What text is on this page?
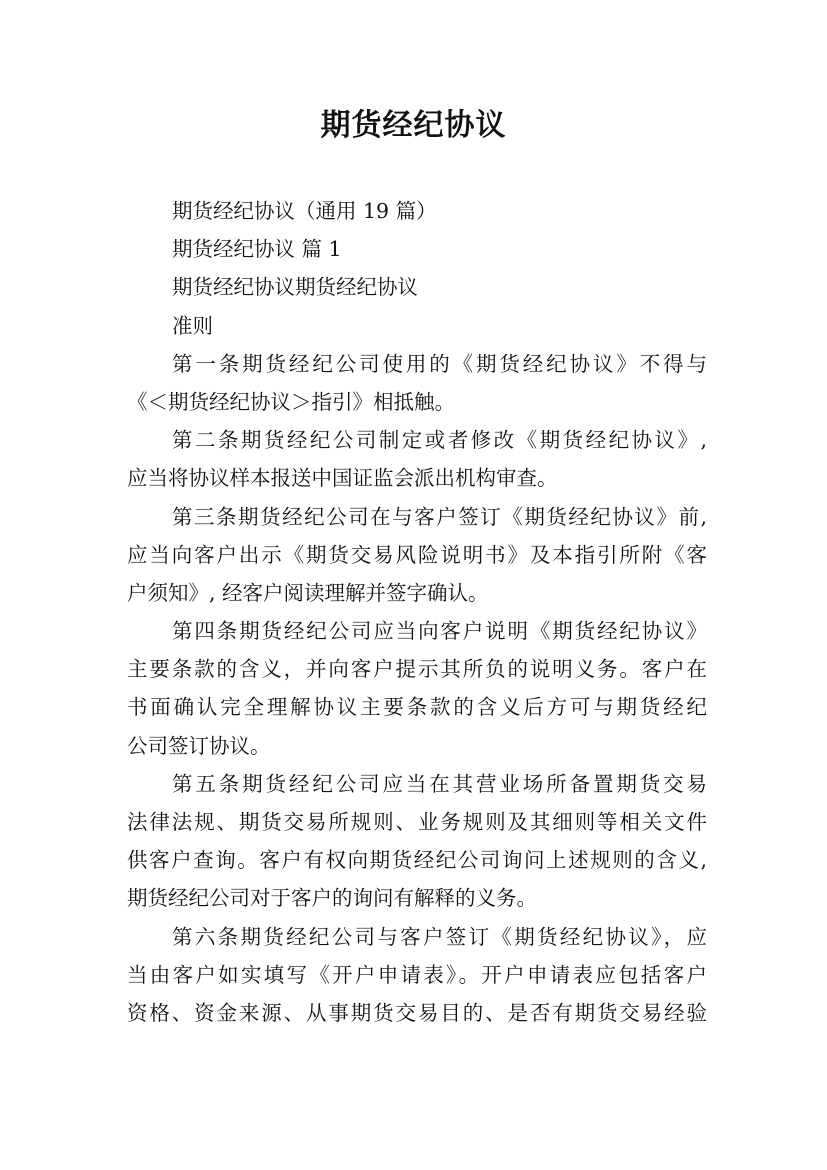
期货经纪协议
期货经纪协议（通用 19 篇）
期货经纪协议 篇 1
期货经纪协议期货经纪协议
准则
第一条期货经纪公司使用的《期货经纪协议》不得与
《＜期货经纪协议＞指引》相抵触。
第二条期货经纪公司制定或者修改《期货经纪协议》,
应当将协议样本报送中国证监会派出机构审查。
第三条期货经纪公司在与客户签订《期货经纪协议》前,
应当向客户出示《期货交易风险说明书》及本指引所附《客
户须知》, 经客户阅读理解并签字确认。
第四条期货经纪公司应当向客户说明《期货经纪协议》
主要条款的含义，并向客户提示其所负的说明义务。客户在
书面确认完全理解协议主要条款的含义后方可与期货经纪
公司签订协议。
第五条期货经纪公司应当在其营业场所备置期货交易
法律法规、期货交易所规则、业务规则及其细则等相关文件
供客户查询。客户有权向期货经纪公司询问上述规则的含义,
期货经纪公司对于客户的询问有解释的义务。
第六条期货经纪公司与客户签订《期货经纪协议》，应
当由客户如实填写《开户申请表》。开户申请表应包括客户
资格、资金来源、从事期货交易目的、是否有期货交易经验
